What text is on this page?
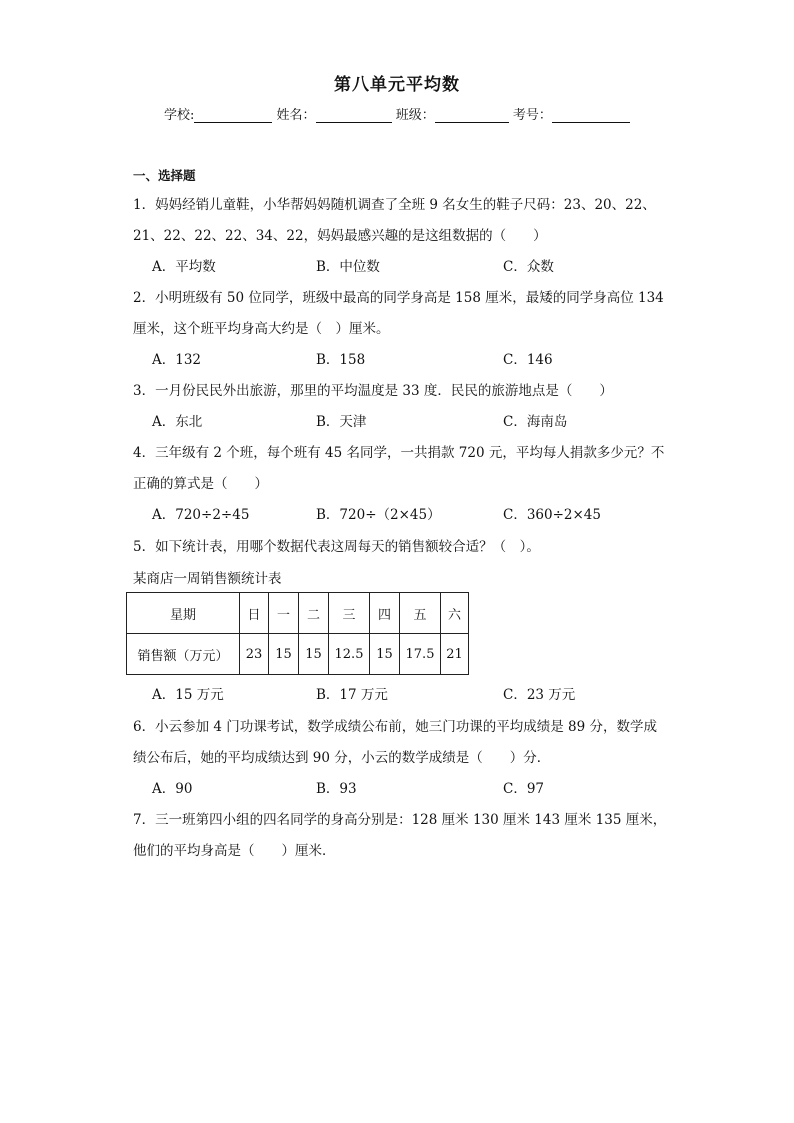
第八单元平均数
学校:	姓名：	班级：	考号：
一、选择题
1．妈妈经销儿童鞋，小华帮妈妈随机调查了全班 9 名女生的鞋子尺码：23、20、22、
21、22、22、22、34、22，妈妈最感兴趣的是这组数据的（　　）
A．平均数	B．中位数	C．众数
2．小明班级有 50 位同学，班级中最高的同学身高是 158 厘米，最矮的同学身高位 134
厘米，这个班平均身高大约是（　）厘米。
A．132	B．158	C．146
3．一月份民民外出旅游，那里的平均温度是 33 度．民民的旅游地点是（　　）
A．东北	B．天津	C．海南岛
4．三年级有 2 个班，每个班有 45 名同学，一共捐款 720 元，平均每人捐款多少元？不
正确的算式是（　　）
A．720÷2÷45	B．720÷（2×45）	C．360÷2×45
5．如下统计表，用哪个数据代表这周每天的销售额较合适？（　）。
某商店一周销售额统计表
星期	日	一	二	三	四	五	六
销售额（万元）	23	15	15	12.5	15	17.5	21
A．15 万元	B．17 万元	C．23 万元
6．小云参加 4 门功课考试，数学成绩公布前，她三门功课的平均成绩是 89 分，数学成
绩公布后，她的平均成绩达到 90 分，小云的数学成绩是（　　）分．
A．90	B．93	C．97
7．三一班第四小组的四名同学的身高分别是：128 厘米 130 厘米 143 厘米 135 厘米，
他们的平均身高是（　　）厘米．
